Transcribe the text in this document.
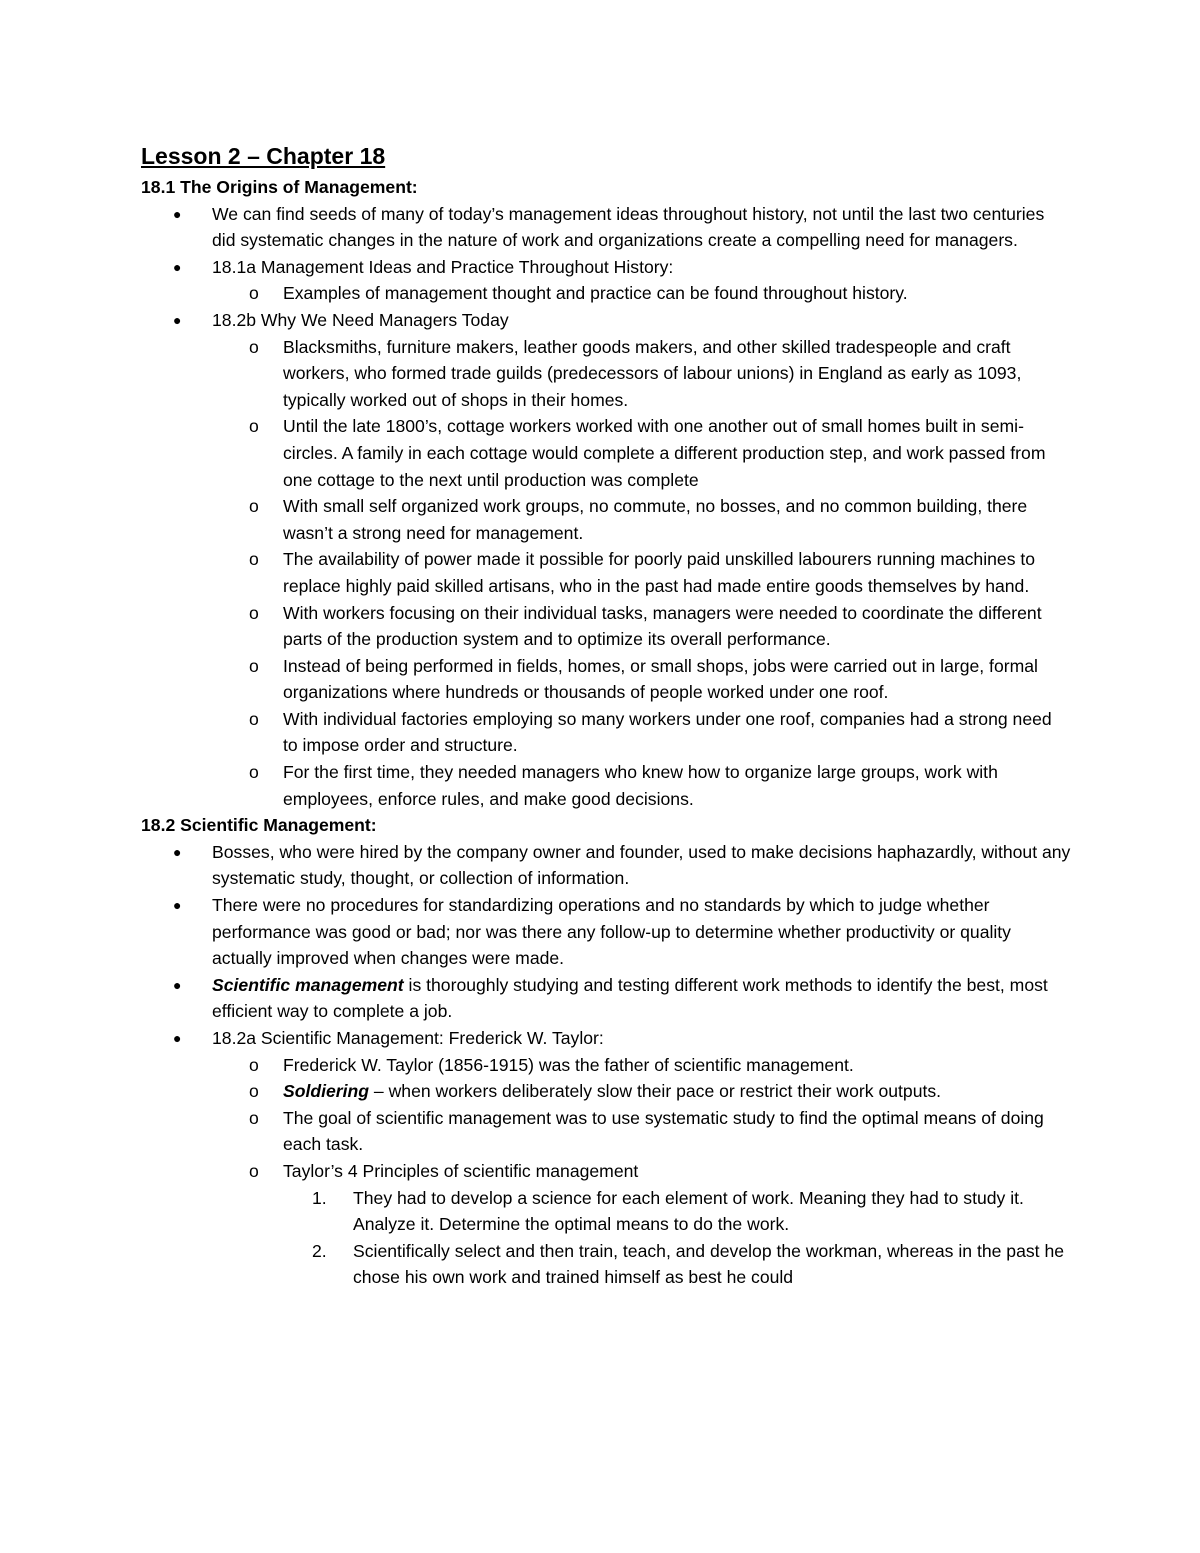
Lesson 2 – Chapter 18
18.1 The Origins of Management:
● We can find seeds of many of today’s management ideas throughout history, not until the last two centuries did systematic changes in the nature of work and organizations create a compelling need for managers.
● 18.1a Management Ideas and Practice Throughout History:
o Examples of management thought and practice can be found throughout history.
● 18.2b Why We Need Managers Today
o Blacksmiths, furniture makers, leather goods makers, and other skilled tradespeople and craft workers, who formed trade guilds (predecessors of labour unions) in England as early as 1093, typically worked out of shops in their homes.
o Until the late 1800’s, cottage workers worked with one another out of small homes built in semi-circles. A family in each cottage would complete a different production step, and work passed from one cottage to the next until production was complete
o With small self organized work groups, no commute, no bosses, and no common building, there wasn’t a strong need for management.
o The availability of power made it possible for poorly paid unskilled labourers running machines to replace highly paid skilled artisans, who in the past had made entire goods themselves by hand.
o With workers focusing on their individual tasks, managers were needed to coordinate the different parts of the production system and to optimize its overall performance.
o Instead of being performed in fields, homes, or small shops, jobs were carried out in large, formal organizations where hundreds or thousands of people worked under one roof.
o With individual factories employing so many workers under one roof, companies had a strong need to impose order and structure.
o For the first time, they needed managers who knew how to organize large groups, work with employees, enforce rules, and make good decisions.
18.2 Scientific Management:
● Bosses, who were hired by the company owner and founder, used to make decisions haphazardly, without any systematic study, thought, or collection of information.
● There were no procedures for standardizing operations and no standards by which to judge whether performance was good or bad; nor was there any follow-up to determine whether productivity or quality actually improved when changes were made.
● Scientific management is thoroughly studying and testing different work methods to identify the best, most efficient way to complete a job.
● 18.2a Scientific Management: Frederick W. Taylor:
o Frederick W. Taylor (1856-1915) was the father of scientific management.
o Soldiering – when workers deliberately slow their pace or restrict their work outputs.
o The goal of scientific management was to use systematic study to find the optimal means of doing each task.
o Taylor’s 4 Principles of scientific management
1. They had to develop a science for each element of work. Meaning they had to study it. Analyze it. Determine the optimal means to do the work.
2. Scientifically select and then train, teach, and develop the workman, whereas in the past he chose his own work and trained himself as best he could
